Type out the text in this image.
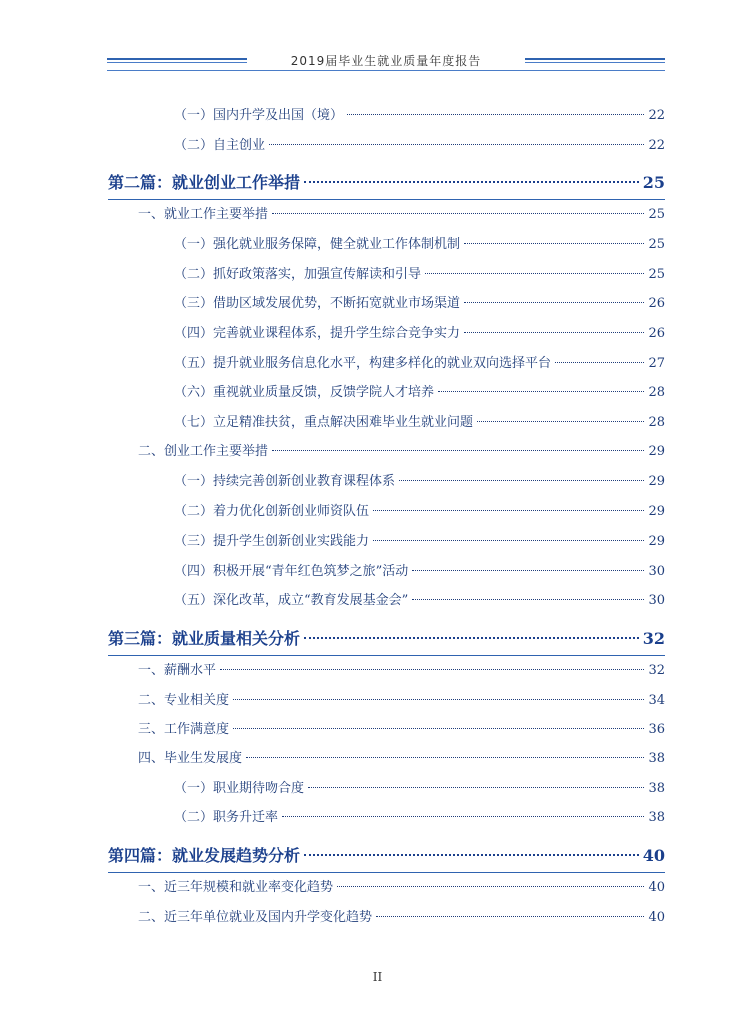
2019届毕业生就业质量年度报告
（一）国内升学及出国（境）	22
（二）自主创业	22
第二篇：就业创业工作举措	25
一、就业工作主要举措	25
（一）强化就业服务保障，健全就业工作体制机制	25
（二）抓好政策落实，加强宣传解读和引导	25
（三）借助区域发展优势，不断拓宽就业市场渠道	26
（四）完善就业课程体系，提升学生综合竞争实力	26
（五）提升就业服务信息化水平，构建多样化的就业双向选择平台	27
（六）重视就业质量反馈，反馈学院人才培养	28
（七）立足精准扶贫，重点解决困难毕业生就业问题	28
二、创业工作主要举措	29
（一）持续完善创新创业教育课程体系	29
（二）着力优化创新创业师资队伍	29
（三）提升学生创新创业实践能力	29
（四）积极开展“青年红色筑梦之旅”活动	30
（五）深化改革，成立“教育发展基金会”	30
第三篇：就业质量相关分析	32
一、薪酬水平	32
二、专业相关度	34
三、工作满意度	36
四、毕业生发展度	38
（一）职业期待吻合度	38
（二）职务升迁率	38
第四篇：就业发展趋势分析	40
一、近三年规模和就业率变化趋势	40
二、近三年单位就业及国内升学变化趋势	40
II
